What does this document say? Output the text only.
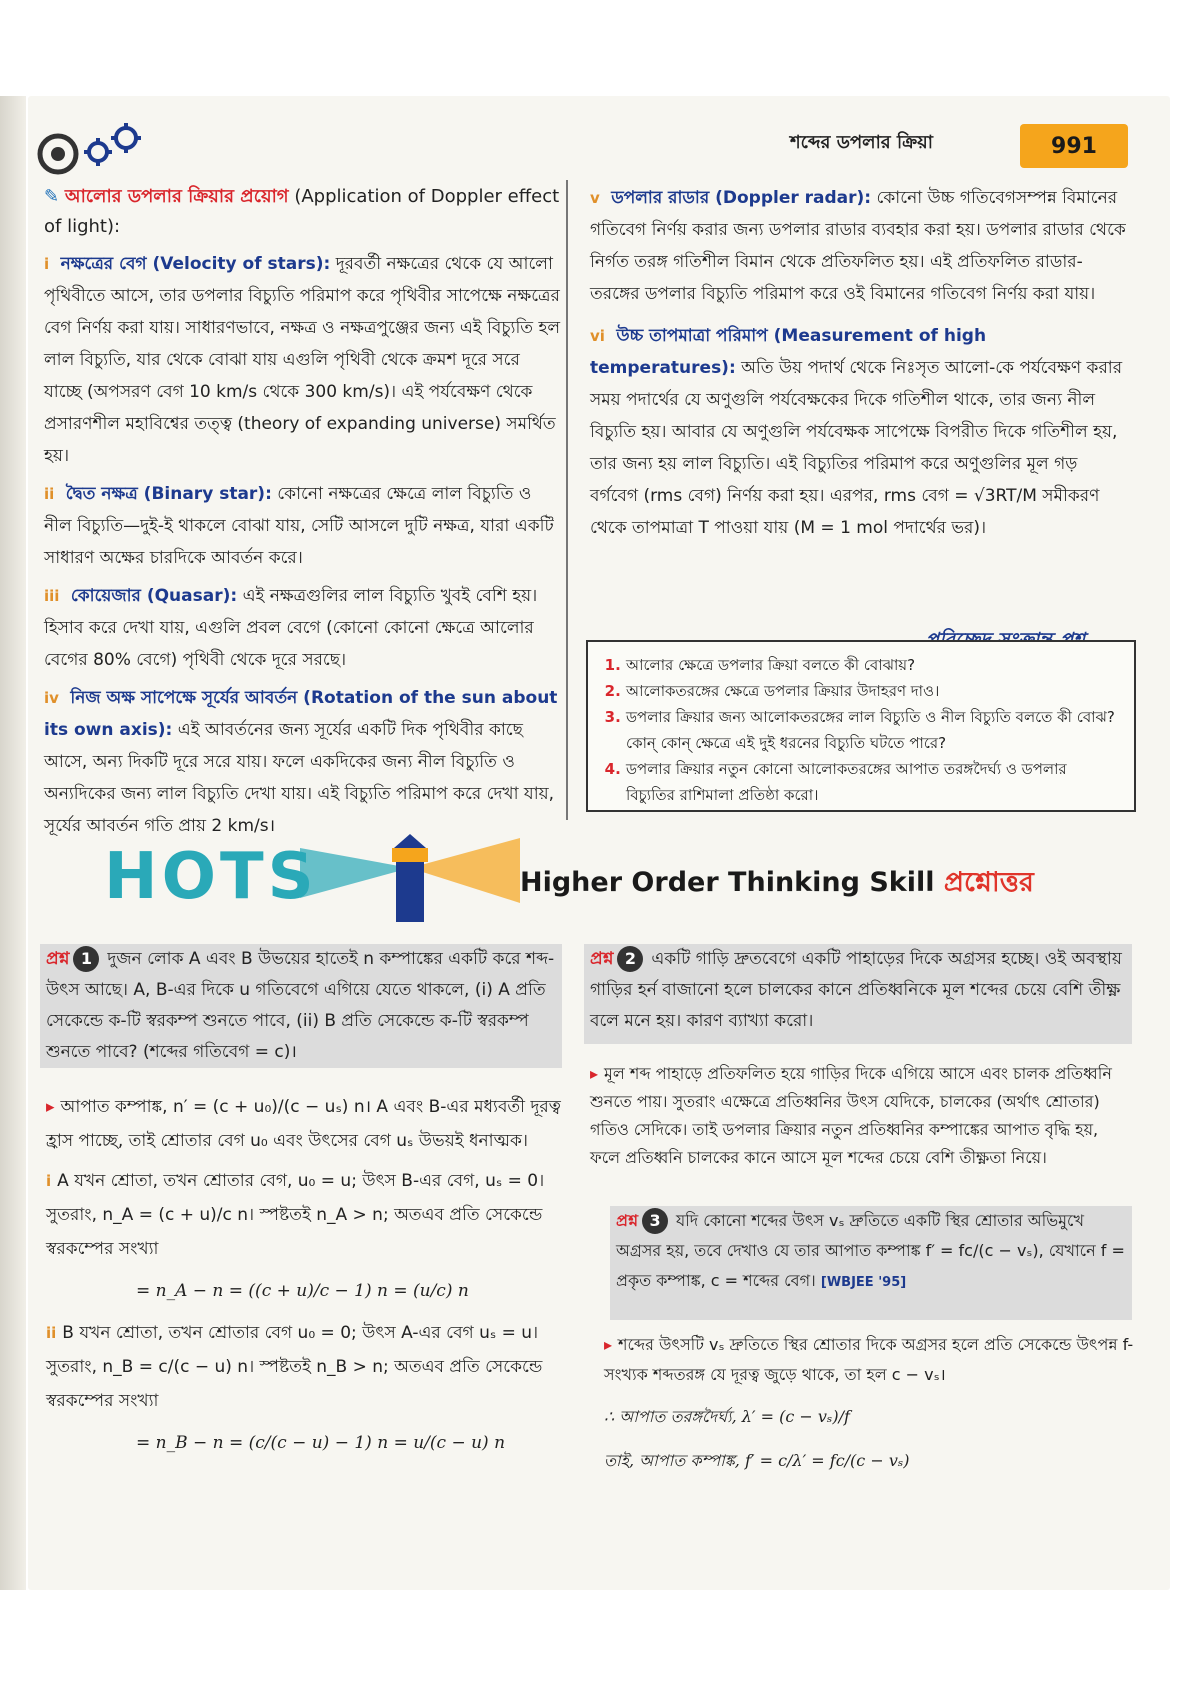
শব্দের ডপলার ক্রিয়া	991
✎ আলোর ডপলার ক্রিয়ার প্রয়োগ (Application of Doppler effect of light):
i নক্ষত্রের বেগ (Velocity of stars): দূরবর্তী নক্ষত্রের থেকে যে আলো পৃথিবীতে আসে, তার ডপলার বিচ্যুতি পরিমাপ করে পৃথিবীর সাপেক্ষে নক্ষত্রের বেগ নির্ণয় করা যায়। সাধারণভাবে, নক্ষত্র ও নক্ষত্রপুঞ্জের জন্য এই বিচ্যুতি হল লাল বিচ্যুতি, যার থেকে বোঝা যায় এগুলি পৃথিবী থেকে ক্রমশ দূরে সরে যাচ্ছে (অপসরণ বেগ 10 km/s থেকে 300 km/s)। এই পর্যবেক্ষণ থেকে প্রসারণশীল মহাবিশ্বের তত্ত্ব (theory of expanding universe) সমর্থিত হয়।
ii দ্বৈত নক্ষত্র (Binary star): কোনো নক্ষত্রের ক্ষেত্রে লাল বিচ্যুতি ও নীল বিচ্যুতি—দুই-ই থাকলে বোঝা যায়, সেটি আসলে দুটি নক্ষত্র, যারা একটি সাধারণ অক্ষের চারদিকে আবর্তন করে।
iii কোয়েজার (Quasar): এই নক্ষত্রগুলির লাল বিচ্যুতি খুবই বেশি হয়। হিসাব করে দেখা যায়, এগুলি প্রবল বেগে (কোনো কোনো ক্ষেত্রে আলোর বেগের 80% বেগে) পৃথিবী থেকে দূরে সরছে।
iv নিজ অক্ষ সাপেক্ষে সূর্যের আবর্তন (Rotation of the sun about its own axis): এই আবর্তনের জন্য সূর্যের একটি দিক পৃথিবীর কাছে আসে, অন্য দিকটি দূরে সরে যায়। ফলে একদিকের জন্য নীল বিচ্যুতি ও অন্যদিকের জন্য লাল বিচ্যুতি দেখা যায়। এই বিচ্যুতি পরিমাপ করে দেখা যায়, সূর্যের আবর্তন গতি প্রায় 2 km/s।
v ডপলার রাডার (Doppler radar): কোনো উচ্চ গতিবেগসম্পন্ন বিমানের গতিবেগ নির্ণয় করার জন্য ডপলার রাডার ব্যবহার করা হয়। ডপলার রাডার থেকে নির্গত তরঙ্গ গতিশীল বিমান থেকে প্রতিফলিত হয়। এই প্রতিফলিত রাডার-তরঙ্গের ডপলার বিচ্যুতি পরিমাপ করে ওই বিমানের গতিবেগ নির্ণয় করা যায়।
vi উচ্চ তাপমাত্রা পরিমাপ (Measurement of high temperatures): অতি উয় পদার্থ থেকে নিঃসৃত আলো-কে পর্যবেক্ষণ করার সময় পদার্থের যে অণুগুলি পর্যবেক্ষকের দিকে গতিশীল থাকে, তার জন্য নীল বিচ্যুতি হয়। আবার যে অণুগুলি পর্যবেক্ষক সাপেক্ষে বিপরীত দিকে গতিশীল হয়, তার জন্য হয় লাল বিচ্যুতি। এই বিচ্যুতির পরিমাপ করে অণুগুলির মূল গড় বর্গবেগ (rms বেগ) নির্ণয় করা হয়। এরপর, rms বেগ = √3RT/M সমীকরণ থেকে তাপমাত্রা T পাওয়া যায় (M = 1 mol পদার্থের ভর)।
1. আলোর ক্ষেত্রে ডপলার ক্রিয়া বলতে কী বোঝায়?
2. আলোকতরঙ্গের ক্ষেত্রে ডপলার ক্রিয়ার উদাহরণ দাও।
3. ডপলার ক্রিয়ার জন্য আলোকতরঙ্গের লাল বিচ্যুতি ও নীল বিচ্যুতি বলতে কী বোঝ? কোন্ কোন্ ক্ষেত্রে এই দুই ধরনের বিচ্যুতি ঘটতে পারে?
4. ডপলার ক্রিয়ার নতুন কোনো আলোকতরঙ্গের আপাত তরঙ্গদৈর্ঘ্য ও ডপলার বিচ্যুতির রাশিমালা প্রতিষ্ঠা করো।
HOTS	Higher Order Thinking Skill প্রশ্নোত্তর
প্রশ্ন 1 দুজন লোক A এবং B উভয়ের হাতেই n কম্পাঙ্কের একটি করে শব্দ-উৎস আছে। A, B-এর দিকে u গতিবেগে এগিয়ে যেতে থাকলে, (i) A প্রতি সেকেন্ডে ক-টি স্বরকম্প শুনতে পাবে, (ii) B প্রতি সেকেন্ডে ক-টি স্বরকম্প শুনতে পাবে? (শব্দের গতিবেগ = c)।
▸ আপাত কম্পাঙ্ক, n′ = (c + u₀)/(c − uₛ) n। A এবং B-এর মধ্যবর্তী দূরত্ব হ্রাস পাচ্ছে, তাই শ্রোতার বেগ u₀ এবং উৎসের বেগ uₛ উভয়ই ধনাত্মক।
i A যখন শ্রোতা, তখন শ্রোতার বেগ, u₀ = u; উৎস B-এর বেগ, uₛ = 0। সুতরাং, n_A = (c + u)/c n। স্পষ্টতই n_A > n; অতএব প্রতি সেকেন্ডে স্বরকম্পের সংখ্যা
= n_A − n = ((c + u)/c − 1) n = (u/c) n
ii B যখন শ্রোতা, তখন শ্রোতার বেগ u₀ = 0; উৎস A-এর বেগ uₛ = u। সুতরাং, n_B = c/(c − u) n। স্পষ্টতই n_B > n; অতএব প্রতি সেকেন্ডে স্বরকম্পের সংখ্যা
= n_B − n = (c/(c − u) − 1) n = u/(c − u) n
প্রশ্ন 2 একটি গাড়ি দ্রুতবেগে একটি পাহাড়ের দিকে অগ্রসর হচ্ছে। ওই অবস্থায় গাড়ির হর্ন বাজানো হলে চালকের কানে প্রতিধ্বনিকে মূল শব্দের চেয়ে বেশি তীক্ষ্ণ বলে মনে হয়। কারণ ব্যাখ্যা করো।
▸ মূল শব্দ পাহাড়ে প্রতিফলিত হয়ে গাড়ির দিকে এগিয়ে আসে এবং চালক প্রতিধ্বনি শুনতে পায়। সুতরাং এক্ষেত্রে প্রতিধ্বনির উৎস যেদিকে, চালকের (অর্থাৎ শ্রোতার) গতিও সেদিকে। তাই ডপলার ক্রিয়ার নতুন প্রতিধ্বনির কম্পাঙ্কের আপাত বৃদ্ধি হয়, ফলে প্রতিধ্বনি চালকের কানে আসে মূল শব্দের চেয়ে বেশি তীক্ষ্ণতা নিয়ে।
প্রশ্ন 3 যদি কোনো শব্দের উৎস vₛ দ্রুতিতে একটি স্থির শ্রোতার অভিমুখে অগ্রসর হয়, তবে দেখাও যে তার আপাত কম্পাঙ্ক f′ = fc/(c − vₛ), যেখানে f = প্রকৃত কম্পাঙ্ক, c = শব্দের বেগ। [WBJEE '95]
▸ শব্দের উৎসটি vₛ দ্রুতিতে স্থির শ্রোতার দিকে অগ্রসর হলে প্রতি সেকেন্ডে উৎপন্ন f-সংখ্যক শব্দতরঙ্গ যে দূরত্ব জুড়ে থাকে, তা হল c − vₛ।
∴ আপাত তরঙ্গদৈর্ঘ্য, λ′ = (c − vₛ)/f
তাই, আপাত কম্পাঙ্ক, f′ = c/λ′ = fc/(c − vₛ)
